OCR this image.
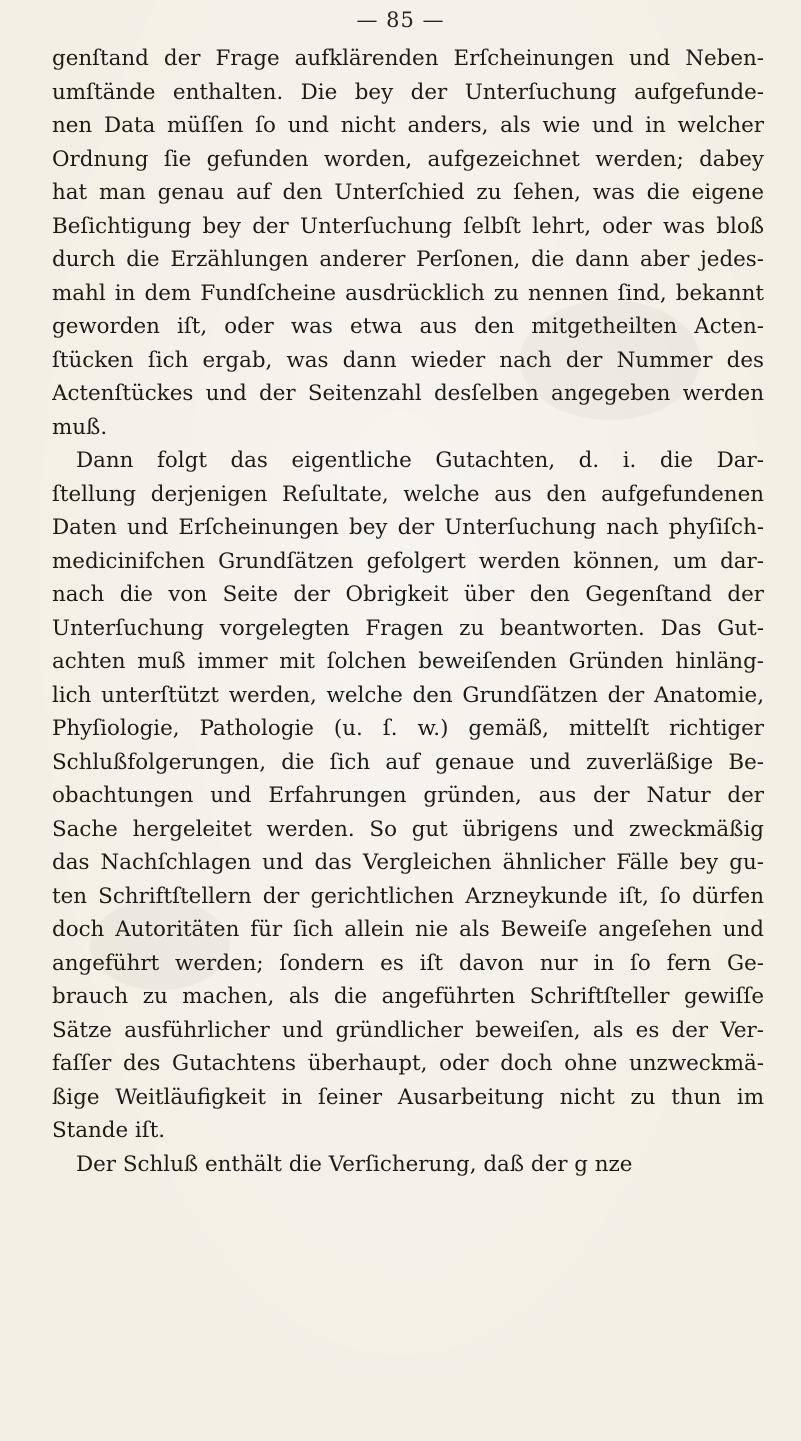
— 85 —
genſtand der Frage aufklärenden Erſcheinungen und Neben-
umſtände enthalten. Die bey der Unterſuchung aufgefunde-
nen Data müſſen ſo und nicht anders, als wie und in welcher
Ordnung ſie gefunden worden, aufgezeichnet werden; dabey
hat man genau auf den Unterſchied zu ſehen, was die eigene
Beſichtigung bey der Unterſuchung ſelbſt lehrt, oder was bloß
durch die Erzählungen anderer Perſonen, die dann aber jedes-
mahl in dem Fundſcheine ausdrücklich zu nennen ſind, bekannt
geworden iſt, oder was etwa aus den mitgetheilten Acten-
ſtücken ſich ergab, was dann wieder nach der Nummer des
Actenſtückes und der Seitenzahl desſelben angegeben werden
muß.
Dann folgt das eigentliche Gutachten, d. i. die Dar-
ſtellung derjenigen Reſultate, welche aus den aufgefundenen
Daten und Erſcheinungen bey der Unterſuchung nach phyſiſch-
medicinifchen Grundſätzen gefolgert werden können, um dar-
nach die von Seite der Obrigkeit über den Gegenſtand der
Unterſuchung vorgelegten Fragen zu beantworten. Das Gut-
achten muß immer mit ſolchen beweiſenden Gründen hinläng-
lich unterſtützt werden, welche den Grundſätzen der Anatomie,
Phyſiologie, Pathologie (u. ſ. w.) gemäß, mittelſt richtiger
Schlußfolgerungen, die ſich auf genaue und zuverläßige Be-
obachtungen und Erfahrungen gründen, aus der Natur der
Sache hergeleitet werden. So gut übrigens und zweckmäßig
das Nachſchlagen und das Vergleichen ähnlicher Fälle bey gu-
ten Schriftſtellern der gerichtlichen Arzneykunde iſt, ſo dürfen
doch Autoritäten für ſich allein nie als Beweiſe angeſehen und
angeführt werden; ſondern es iſt davon nur in ſo fern Ge-
brauch zu machen, als die angeführten Schriftſteller gewiſſe
Sätze ausführlicher und gründlicher beweiſen, als es der Ver-
faſſer des Gutachtens überhaupt, oder doch ohne unzweckmä-
ßige Weitläufigkeit in ſeiner Ausarbeitung nicht zu thun im
Stande iſt.
Der Schluß enthält die Verſicherung, daß der g nze
